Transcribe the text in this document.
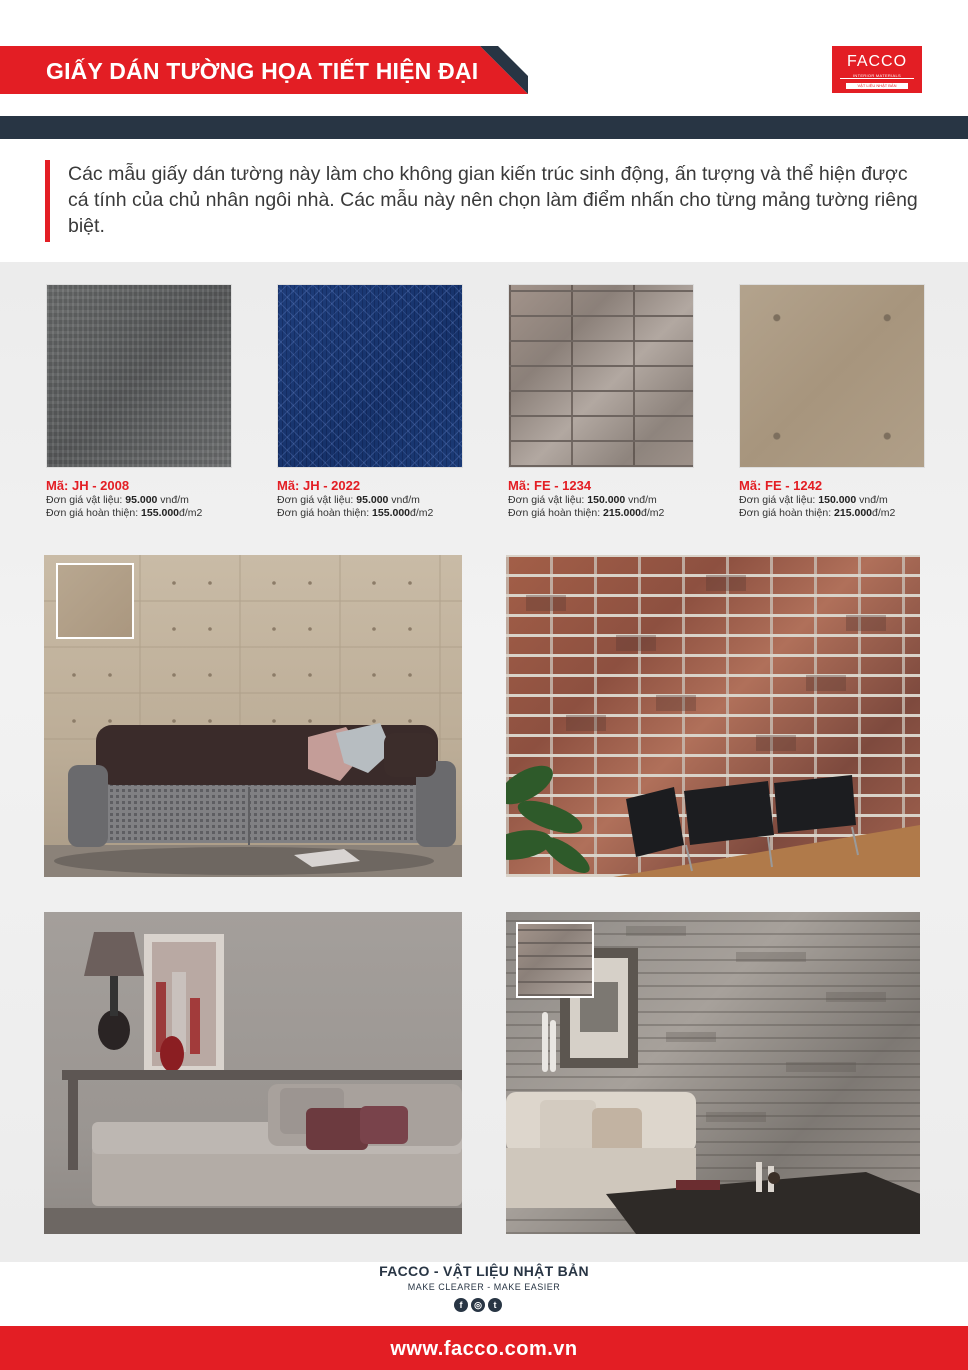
GIẤY DÁN TƯỜNG HỌA TIẾT HIỆN ĐẠI	FACCO
INTERIOR MATERIALS
VẬT LIỆU NHẬT BẢN

Các mẫu giấy dán tường này làm cho không gian kiến trúc sinh động, ấn tượng và thể hiện được cá tính của chủ nhân ngôi nhà. Các mẫu này nên chọn làm điểm nhấn cho từng mảng tường riêng biệt.

Mã: JH - 2008
Đơn giá vật liệu: 95.000 vnđ/m
Đơn giá hoàn thiện: 155.000đ/m2
Mã: JH - 2022
Đơn giá vật liệu: 95.000 vnđ/m
Đơn giá hoàn thiện: 155.000đ/m2
Mã: FE - 1234
Đơn giá vật liệu: 150.000 vnđ/m
Đơn giá hoàn thiện: 215.000đ/m2
Mã: FE - 1242
Đơn giá vật liệu: 150.000 vnđ/m
Đơn giá hoàn thiện: 215.000đ/m2
FACCO - VẬT LIỆU NHẬT BẢN
MAKE CLEARER - MAKE EASIER
f	◎	t
www.facco.com.vn
